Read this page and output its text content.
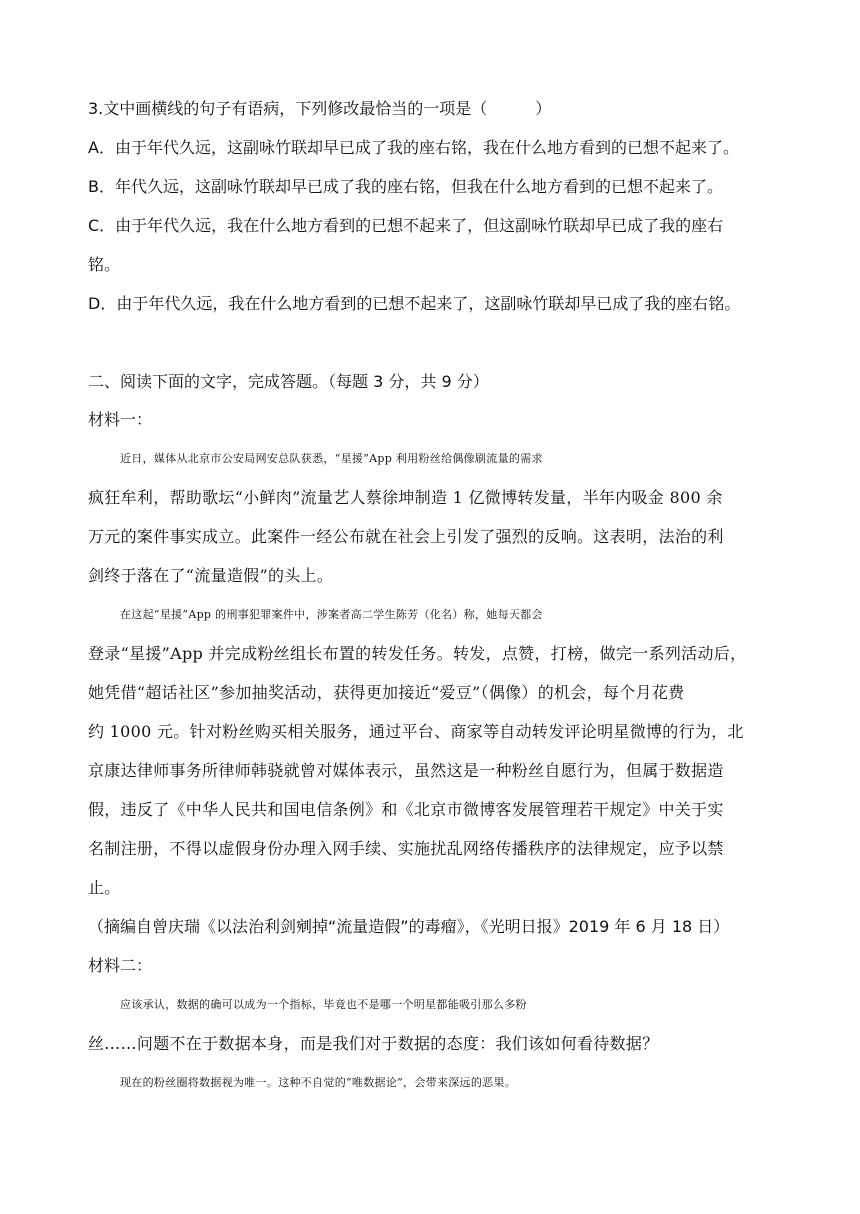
3.文中画横线的句子有语病，下列修改最恰当的一项是（　　　）
A．由于年代久远，这副咏竹联却早已成了我的座右铭，我在什么地方看到的已想不起来了。
B．年代久远，这副咏竹联却早已成了我的座右铭，但我在什么地方看到的已想不起来了。
C．由于年代久远，我在什么地方看到的已想不起来了，但这副咏竹联却早已成了我的座右
铭。
D．由于年代久远，我在什么地方看到的已想不起来了，这副咏竹联却早已成了我的座右铭。
二、阅读下面的文字，完成答题。（每题 3 分，共 9 分）
材料一：
近日，媒体从北京市公安局网安总队获悉，“星援”App 利用粉丝给偶像刷流量的需求
疯狂牟利，帮助歌坛“小鲜肉”流量艺人蔡徐坤制造 1 亿微博转发量，半年内吸金 800 余
万元的案件事实成立。此案件一经公布就在社会上引发了强烈的反响。这表明，法治的利
剑终于落在了“流量造假”的头上。
在这起“星援”App 的刑事犯罪案件中，涉案者高二学生陈芳（化名）称，她每天都会
登录“星援”App 并完成粉丝组长布置的转发任务。转发，点赞，打榜，做完一系列活动后，
她凭借“超话社区”参加抽奖活动，获得更加接近“爱豆”（偶像）的机会，每个月花费
约 1000 元。针对粉丝购买相关服务，通过平台、商家等自动转发评论明星微博的行为，北
京康达律师事务所律师韩骁就曾对媒体表示，虽然这是一种粉丝自愿行为，但属于数据造
假，违反了《中华人民共和国电信条例》和《北京市微博客发展管理若干规定》中关于实
名制注册，不得以虚假身份办理入网手续、实施扰乱网络传播秩序的法律规定，应予以禁
止。
（摘编自曾庆瑞《以法治利剑剜掉“流量造假”的毒瘤》，《光明日报》2019 年 6 月 18 日）
材料二：
应该承认，数据的确可以成为一个指标，毕竟也不是哪一个明星都能吸引那么多粉
丝……问题不在于数据本身，而是我们对于数据的态度：我们该如何看待数据？
现在的粉丝圈将数据视为唯一。这种不自觉的“唯数据论”，会带来深远的恶果。
